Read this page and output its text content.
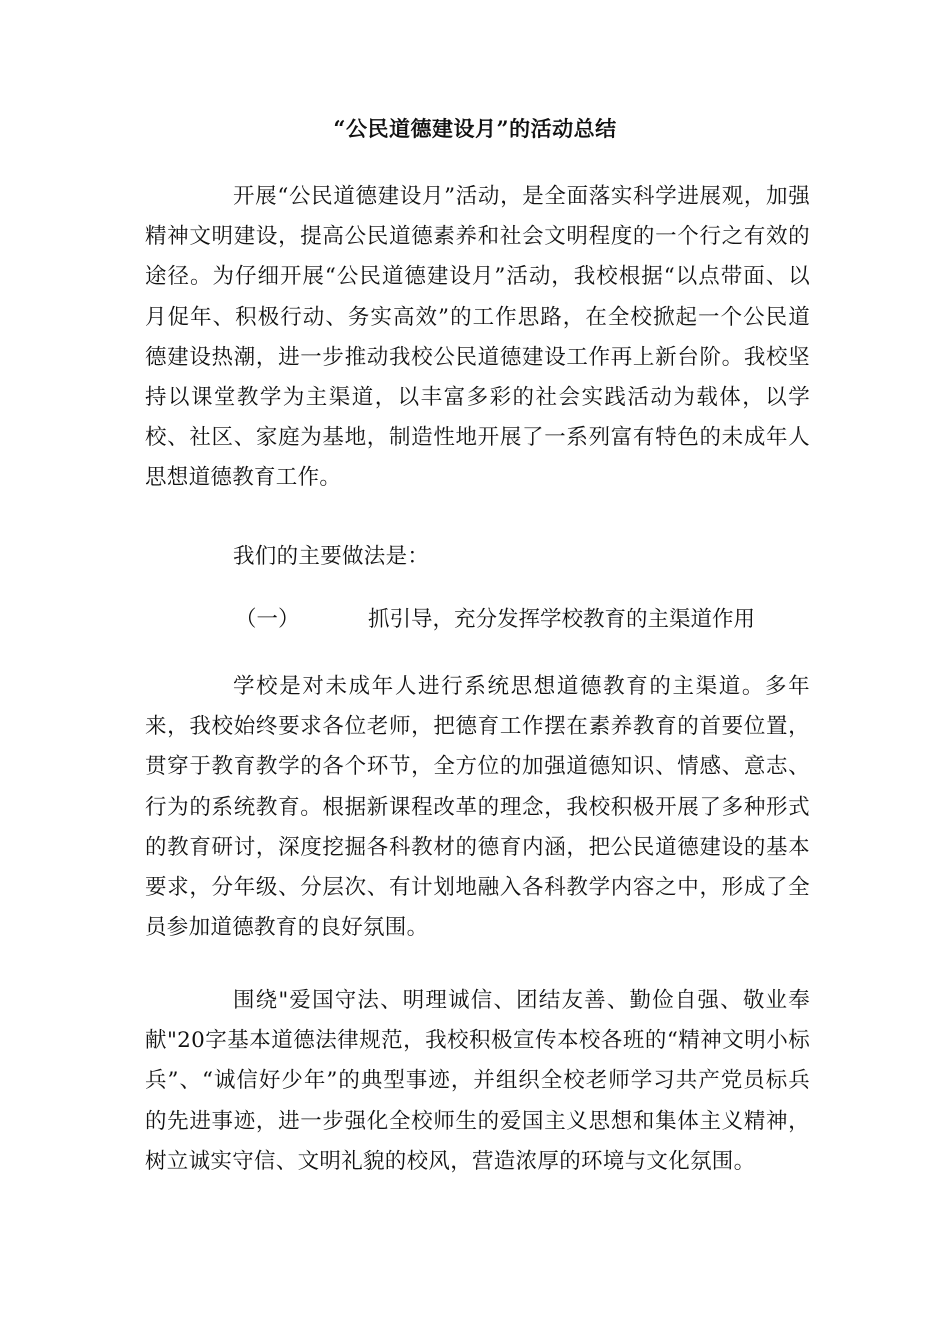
“公民道德建设月”的活动总结

开展“公民道德建设月”活动，是全面落实科学进展观，加强精神文明建设，提高公民道德素养和社会文明程度的一个行之有效的途径。为仔细开展“公民道德建设月”活动，我校根据“以点带面、以月促年、积极行动、务实高效”的工作思路，在全校掀起一个公民道德建设热潮，进一步推动我校公民道德建设工作再上新台阶。我校坚持以课堂教学为主渠道，以丰富多彩的社会实践活动为载体，以学校、社区、家庭为基地，制造性地开展了一系列富有特色的未成年人思想道德教育工作。

我们的主要做法是：

（一）	抓引导，充分发挥学校教育的主渠道作用

学校是对未成年人进行系统思想道德教育的主渠道。多年来，我校始终要求各位老师，把德育工作摆在素养教育的首要位置，贯穿于教育教学的各个环节，全方位的加强道德知识、情感、意志、行为的系统教育。根据新课程改革的理念，我校积极开展了多种形式的教育研讨，深度挖掘各科教材的德育内涵，把公民道德建设的基本要求，分年级、分层次、有计划地融入各科教学内容之中，形成了全员参加道德教育的良好氛围。

围绕"爱国守法、明理诚信、团结友善、勤俭自强、敬业奉献"20字基本道德法律规范，我校积极宣传本校各班的“精神文明小标兵”、“诚信好少年”的典型事迹，并组织全校老师学习共产党员标兵的先进事迹，进一步强化全校师生的爱国主义思想和集体主义精神，树立诚实守信、文明礼貌的校风，营造浓厚的环境与文化氛围。
